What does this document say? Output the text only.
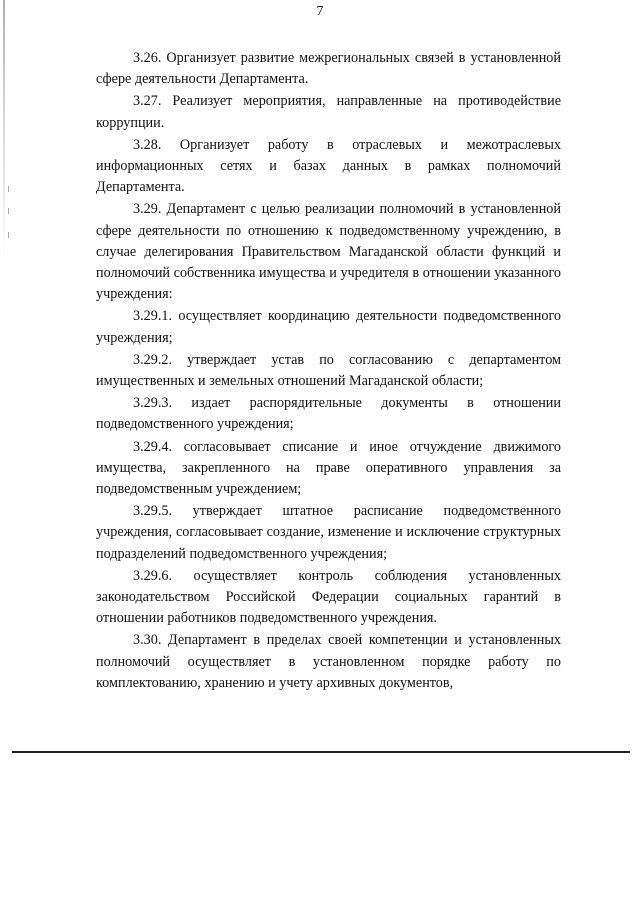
7

3.26. Организует развитие межрегиональных связей в установленной сфере деятельности Департамента.

3.27. Реализует мероприятия, направленные на противодействие коррупции.

3.28. Организует работу в отраслевых и межотраслевых информационных сетях и базах данных в рамках полномочий Департамента.

3.29. Департамент с целью реализации полномочий в установленной сфере деятельности по отношению к подведомственному учреждению, в случае делегирования Правительством Магаданской области функций и полномочий собственника имущества и учредителя в отношении указанного учреждения:

3.29.1. осуществляет координацию деятельности подведомственного учреждения;

3.29.2. утверждает устав по согласованию с департаментом имущественных и земельных отношений Магаданской области;

3.29.3. издает распорядительные документы в отношении подведомственного учреждения;

3.29.4. согласовывает списание и иное отчуждение движимого имущества, закрепленного на праве оперативного управления за подведомственным учреждением;

3.29.5. утверждает штатное расписание подведомственного учреждения, согласовывает создание, изменение и исключение структурных подразделений подведомственного учреждения;

3.29.6. осуществляет контроль соблюдения установленных законодательством Российской Федерации социальных гарантий в отношении работников подведомственного учреждения.

3.30. Департамент в пределах своей компетенции и установленных полномочий осуществляет в установленном порядке работу по комплектованию, хранению и учету архивных документов,
